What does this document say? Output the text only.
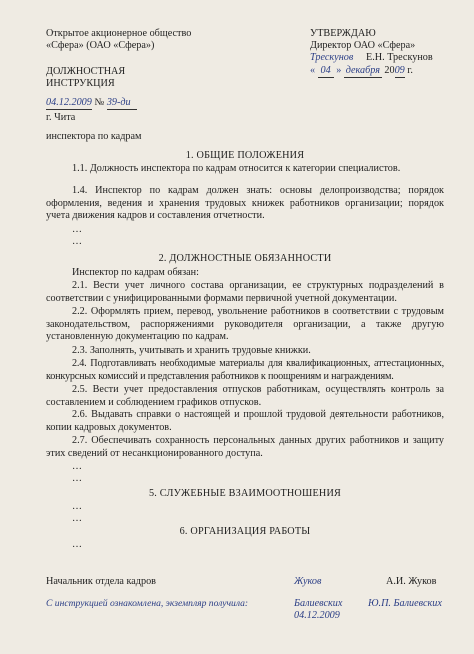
Открытое акционерное общество
«Сфера» (ОАО «Сфера»)
УТВЕРЖДАЮ
Директор ОАО «Сфера»
Трескунов Е.Н. Трескунов
« 04 » декабря 2009 г.
ДОЛЖНОСТНАЯ
ИНСТРУКЦИЯ
04.12.2009 № 39-ди
г. Чита
инспектора по кадрам
1. ОБЩИЕ ПОЛОЖЕНИЯ
1.1. Должность инспектора по кадрам относится к категории специалистов.
1.4. Инспектор по кадрам должен знать: основы делопроизводства; порядок оформления, ведения и хранения трудовых книжек работников организации; порядок учета движения кадров и составления отчетности.
…
…
2. ДОЛЖНОСТНЫЕ ОБЯЗАННОСТИ
Инспектор по кадрам обязан:
2.1. Вести учет личного состава организации, ее структурных подразделений в соответствии с унифицированными формами первичной учетной документации.
2.2. Оформлять прием, перевод, увольнение работников в соответствии с трудовым законодательством, распоряжениями руководителя организации, а также другую установленную документацию по кадрам.
2.3. Заполнять, учитывать и хранить трудовые книжки.
2.4. Подготавливать необходимые материалы для квалификационных, аттестационных, конкурсных комиссий и представления работников к поощрениям и награждениям.
2.5. Вести учет предоставления отпусков работникам, осуществлять контроль за составлением и соблюдением графиков отпусков.
2.6. Выдавать справки о настоящей и прошлой трудовой деятельности работников, копии кадровых документов.
2.7. Обеспечивать сохранность персональных данных других работников и защиту этих сведений от несанкционированного доступа.
…
…
5. СЛУЖЕБНЫЕ ВЗАИМООТНОШЕНИЯ
…
…
6. ОРГАНИЗАЦИЯ РАБОТЫ
…
Начальник отдела кадров	Жуков	А.И. Жуков
С инструкцией ознакомлена, экземпляр получила:	Балиевских	Ю.П. Балиевских
04.12.2009
